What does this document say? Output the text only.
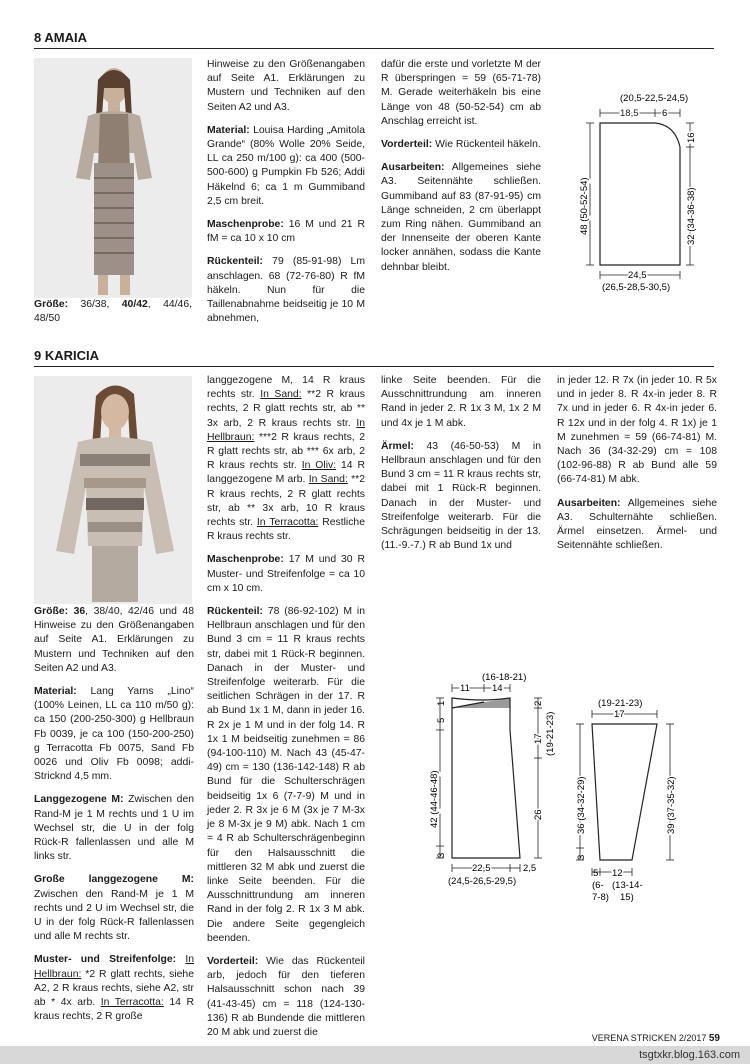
8 AMAIA
Größe: 36/38, 40/42, 44/46, 48/50

Hinweise zu den Größenangaben auf Seite A1. Erklärungen zu Mustern und Techniken auf den Seiten A2 und A3.

Material: Louisa Harding „Amitola Grande“ (80% Wolle 20% Seide, LL ca 250 m/100 g): ca 400 (500-500-600) g Pumpkin Fb 526; Addi Häkelnd 6; ca 1 m Gummiband 2,5 cm breit.

Maschenprobe: 16 M und 21 R fM = ca 10 x 10 cm

Rückenteil: 79 (85-91-98) Lm anschlagen. 68 (72-76-80) R fM häkeln. Nun für die Taillenabnahme beidseitig je 10 M abnehmen,

dafür die erste und vorletzte M der R überspringen = 59 (65-71-78) M. Gerade weiterhäkeln bis eine Länge von 48 (50-52-54) cm ab Anschlag erreicht ist.

Vorderteil: Wie Rückenteil häkeln.

Ausarbeiten: Allgemeines siehe A3. Seitennähte schließen. Gummiband auf 83 (87-91-95) cm Länge schneiden, 2 cm überlappt zum Ring nähen. Gummiband an der Innenseite der oberen Kante locker annähen, sodass die Kante dehnbar bleibt.

(20,5-22,5-24,5)
18,5 6
48 (50-52-54)
16
32 (34-36-38)
24,5
(26,5-28,5-30,5)
9 KARICIA

Größe: 36, 38/40, 42/46 und 48 Hinweise zu den Größenangaben auf Seite A1. Erklärungen zu Mustern und Techniken auf den Seiten A2 und A3.

Material: Lang Yarns „Lino“ (100% Leinen, LL ca 110 m/50 g): ca 150 (200-250-300) g Hellbraun Fb 0039, je ca 100 (150-200-250) g Terracotta Fb 0075, Sand Fb 0026 und Oliv Fb 0098; addi-Stricknd 4,5 mm.

Langgezogene M: Zwischen den Rand-M je 1 M rechts und 1 U im Wechsel str, die U in der folg Rück-R fallenlassen und alle M links str.

Große langgezogene M: Zwischen den Rand-M je 1 M rechts und 2 U im Wechsel str, die U in der folg Rück-R fallenlassen und alle M rechts str.

Muster- und Streifenfolge: In Hellbraun: *2 R glatt rechts, siehe A2, 2 R kraus rechts, siehe A2, str ab * 4x arb. In Terracotta: 14 R kraus rechts, 2 R große

langgezogene M, 14 R kraus rechts str. In Sand: **2 R kraus rechts, 2 R glatt rechts str, ab ** 3x arb, 2 R kraus rechts str. In Hellbraun: ***2 R kraus rechts, 2 R glatt rechts str, ab *** 6x arb, 2 R kraus rechts str. In Oliv: 14 R langgezogene M arb. In Sand: **2 R kraus rechts, 2 R glatt rechts str, ab ** 3x arb, 10 R kraus rechts str. In Terracotta: Restliche R kraus rechts str.

Maschenprobe: 17 M und 30 R Muster- und Streifenfolge = ca 10 cm x 10 cm.

Rückenteil: 78 (86-92-102) M in Hellbraun anschlagen und für den Bund 3 cm = 11 R kraus rechts str, dabei mit 1 Rück-R beginnen. Danach in der Muster- und Streifenfolge weiterarb. Für die seitlichen Schrägen in der 17. R ab Bund 1x 1 M, dann in jeder 16. R 2x je 1 M und in der folg 14. R 1x 1 M beidseitig zunehmen = 86 (94-100-110) M. Nach 43 (45-47-49) cm = 130 (136-142-148) R ab Bund für die Schulterschrägen beidseitig 1x 6 (7-7-9) M und in jeder 2. R 3x je 6 M (3x je 7 M-3x je 8 M-3x je 9 M) abk. Nach 1 cm = 4 R ab Schulterschrägenbeginn für den Halsausschnitt die mittleren 32 M abk und zuerst die linke Seite beenden. Für die Ausschnittrundung am inneren Rand in der folg 2. R 1x 3 M abk. Die andere Seite gegengleich beenden.

Vorderteil: Wie das Rückenteil arb, jedoch für den tieferen Halsausschnitt schon nach 39 (41-43-45) cm = 118 (124-130-136) R ab Bundende die mittleren 20 M abk und zuerst die

linke Seite beenden. Für die Ausschnittrundung am inneren Rand in jeder 2. R 1x 3 M, 1x 2 M und 4x je 1 M abk.

Ärmel: 43 (46-50-53) M in Hellbraun anschlagen und für den Bund 3 cm = 11 R kraus rechts str, dabei mit 1 Rück-R beginnen. Danach in der Muster- und Streifenfolge weiterarb. Für die Schrägungen beidseitig in der 13. (11.-9.-7.) R ab Bund 1x und

in jeder 12. R 7x (in jeder 10. R 5x und in jeder 8. R 4x-in jeder 8. R 7x und in jeder 6. R 4x-in jeder 6. R 12x und in der folg 4. R 1x) je 1 M zunehmen = 59 (66-74-81) M. Nach 36 (34-32-29) cm = 108 (102-96-88) R ab Bund alle 59 (66-74-81) M abk.

Ausarbeiten: Allgemeines siehe A3. Schulternähte schließen. Ärmel einsetzen. Ärmel- und Seitennähte schließen.

(16-18-21)
11 14
5
1	2
17 (19-21-23)
42 (44-46-48)	26
3
22,5	2,5
(24,5-26,5-29,5)
(19-21-23)
17
36 (34-32-29)
3
39 (37-35-32)
5 12
(6-
7-8)
(13-14-
15)
VERENA STRICKEN 2/2017 59
tsgtxkr.blog.163.com
